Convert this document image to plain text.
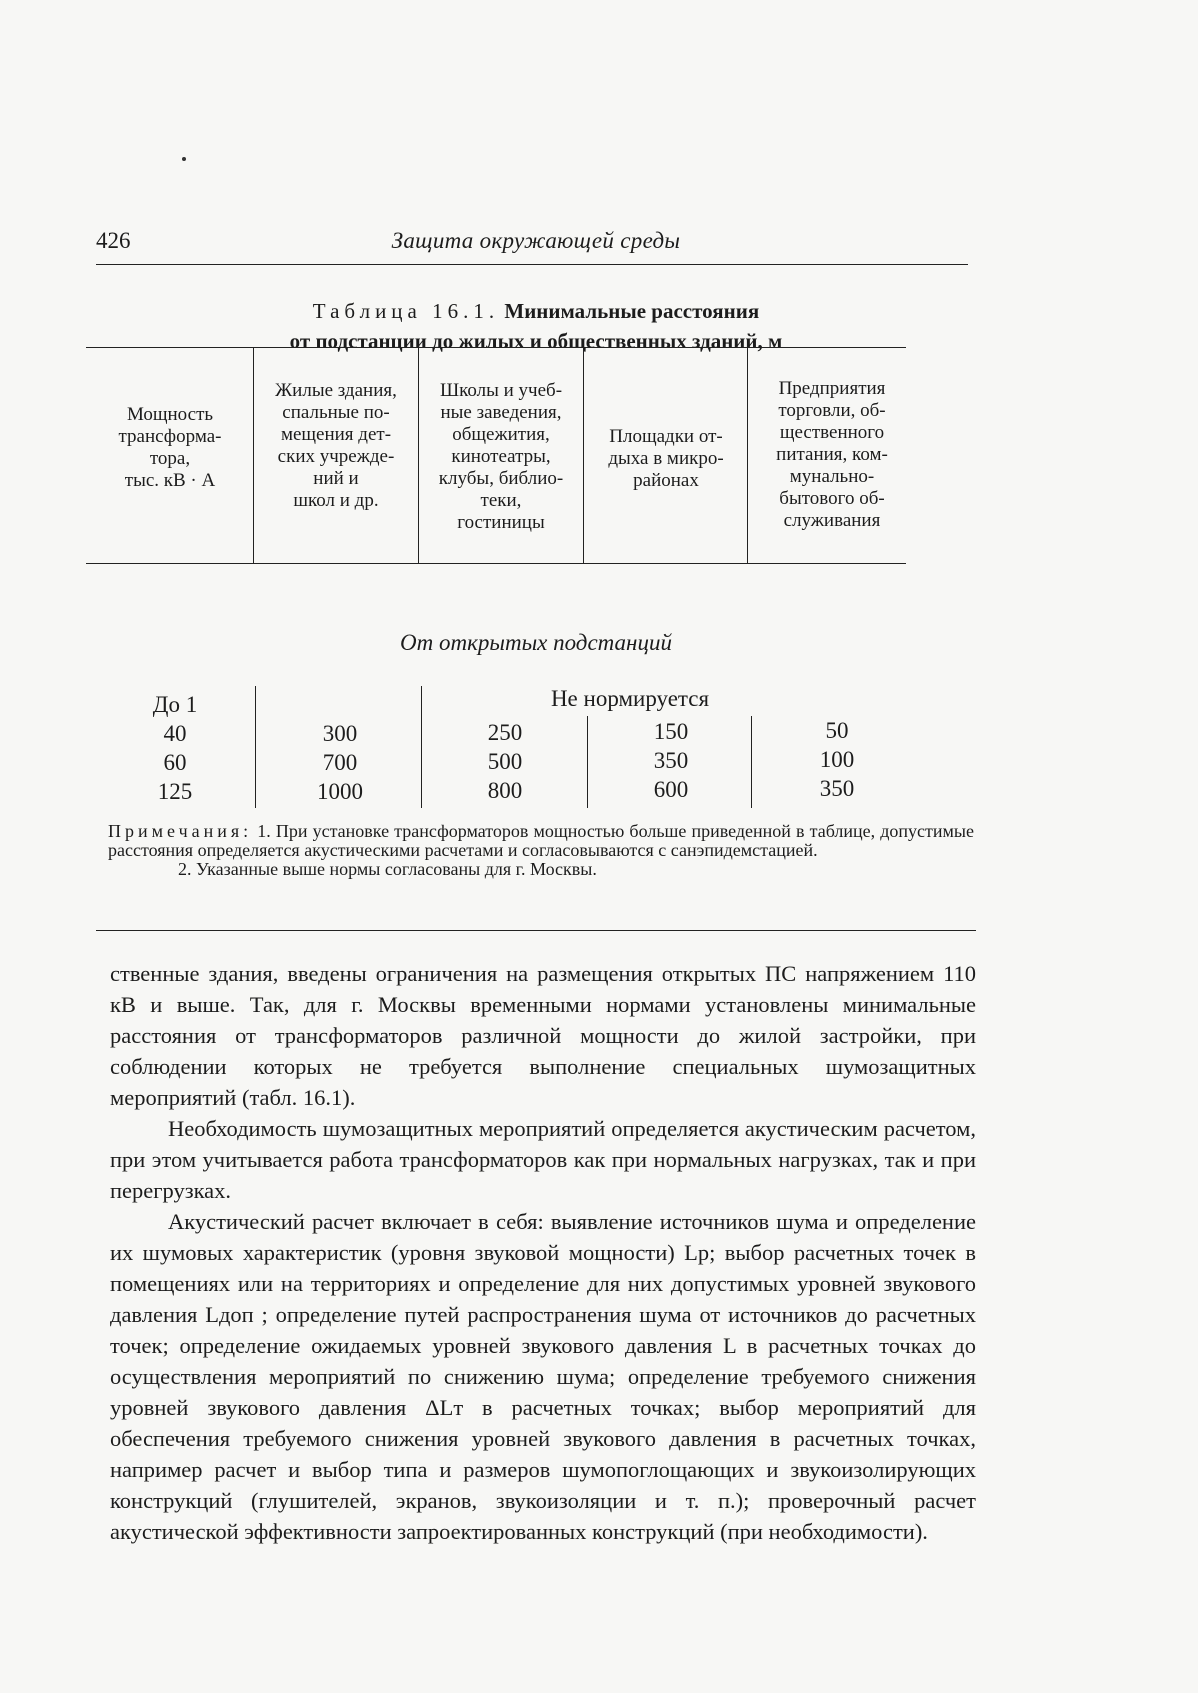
426	Защита окружающей среды
Таблица 16.1. Минимальные расстояния
от подстанции до жилых и общественных зданий, м
Мощность
трансформа-
тора,
тыс. кВ · А
Жилые здания,
спальные по-
мещения дет-
ских учрежде-
ний и
школ и др.
Школы и учеб-
ные заведения,
общежития,
кинотеатры,
клубы, библио-
теки,
гостиницы
Площадки от-
дыха в микро-
районах
Предприятия
торговли, об-
щественного
питания, ком-
мунально-
бытового об-
служивания
От открытых подстанций
Не нормируется
До 1
40
60
125
300
700
1000
250
500
800
150
350
600
50
100
350

Примечания: 1. При установке трансформаторов мощностью больше приведенной в таблице, допустимые расстояния определяется акустическими расчетами и согласовываются с санэпидемстацией.

2. Указанные выше нормы согласованы для г. Москвы.

ственные здания, введены ограничения на размещения открытых ПС напряжением 110 кВ и выше. Так, для г. Москвы временными нормами установлены минимальные расстояния от трансформаторов различной мощности до жилой застройки, при соблюдении которых не требуется выполнение специальных шумозащитных мероприятий (табл. 16.1).

Необходимость шумозащитных мероприятий определяется акустическим расчетом, при этом учитывается работа трансформаторов как при нормальных нагрузках, так и при перегрузках.

Акустический расчет включает в себя: выявление источников шума и определение их шумовых характеристик (уровня звуковой мощности) Lр; выбор расчетных точек в помещениях или на территориях и определение для них допустимых уровней звукового давления Lдоп ; определение путей распространения шума от источников до расчетных точек; определение ожидаемых уровней звукового давления L в расчетных точках до осуществления мероприятий по снижению шума; определение требуемого снижения уровней звукового давления ΔLт в расчетных точках; выбор мероприятий для обеспечения требуемого снижения уровней звукового давления в расчетных точках, например расчет и выбор типа и размеров шумопоглощающих и звукоизолирующих конструкций (глушителей, экранов, звукоизоляции и т. п.); проверочный расчет акустической эффективности запроектированных конструкций (при необходимости).
